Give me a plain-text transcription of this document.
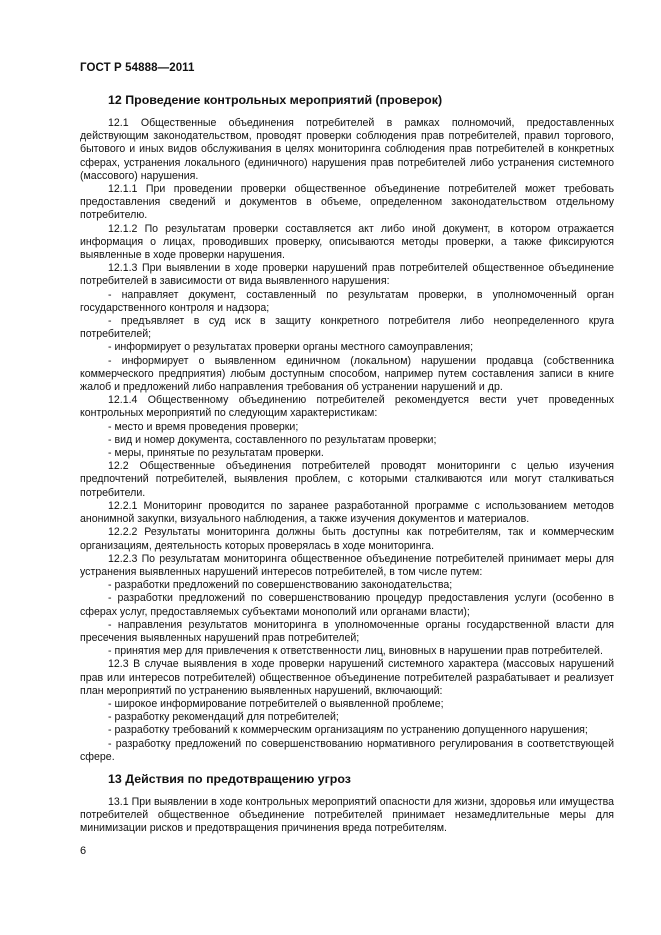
ГОСТ Р 54888—2011
12 Проведение контрольных мероприятий (проверок)
12.1 Общественные объединения потребителей в рамках полномочий, предоставленных действующим законодательством, проводят проверки соблюдения прав потребителей, правил торгового, бытового и иных видов обслуживания в целях мониторинга соблюдения прав потребителей в конкретных сферах, устранения локального (единичного) нарушения прав потребителей либо устранения системного (массового) нарушения.
12.1.1 При проведении проверки общественное объединение потребителей может требовать предоставления сведений и документов в объеме, определенном законодательством отдельному потребителю.
12.1.2 По результатам проверки составляется акт либо иной документ, в котором отражается информация о лицах, проводивших проверку, описываются методы проверки, а также фиксируются выявленные в ходе проверки нарушения.
12.1.3 При выявлении в ходе проверки нарушений прав потребителей общественное объединение потребителей в зависимости от вида выявленного нарушения:
- направляет документ, составленный по результатам проверки, в уполномоченный орган государственного контроля и надзора;
- предъявляет в суд иск в защиту конкретного потребителя либо неопределенного круга потребителей;
- информирует о результатах проверки органы местного самоуправления;
- информирует о выявленном единичном (локальном) нарушении продавца (собственника коммерческого предприятия) любым доступным способом, например путем составления записи в книге жалоб и предложений либо направления требования об устранении нарушений и др.
12.1.4 Общественному объединению потребителей рекомендуется вести учет проведенных контрольных мероприятий по следующим характеристикам:
- место и время проведения проверки;
- вид и номер документа, составленного по результатам проверки;
- меры, принятые по результатам проверки.
12.2 Общественные объединения потребителей проводят мониторинги с целью изучения предпочтений потребителей, выявления проблем, с которыми сталкиваются или могут сталкиваться потребители.
12.2.1 Мониторинг проводится по заранее разработанной программе с использованием методов анонимной закупки, визуального наблюдения, а также изучения документов и материалов.
12.2.2 Результаты мониторинга должны быть доступны как потребителям, так и коммерческим организациям, деятельность которых проверялась в ходе мониторинга.
12.2.3 По результатам мониторинга общественное объединение потребителей принимает меры для устранения выявленных нарушений интересов потребителей, в том числе путем:
- разработки предложений по совершенствованию законодательства;
- разработки предложений по совершенствованию процедур предоставления услуги (особенно в сферах услуг, предоставляемых субъектами монополий или органами власти);
- направления результатов мониторинга в уполномоченные органы государственной власти для пресечения выявленных нарушений прав потребителей;
- принятия мер для привлечения к ответственности лиц, виновных в нарушении прав потребителей.
12.3 В случае выявления в ходе проверки нарушений системного характера (массовых нарушений прав или интересов потребителей) общественное объединение потребителей разрабатывает и реализует план мероприятий по устранению выявленных нарушений, включающий:
- широкое информирование потребителей о выявленной проблеме;
- разработку рекомендаций для потребителей;
- разработку требований к коммерческим организациям по устранению допущенного нарушения;
- разработку предложений по совершенствованию нормативного регулирования в соответствующей сфере.
13 Действия по предотвращению угроз
13.1 При выявлении в ходе контрольных мероприятий опасности для жизни, здоровья или имущества потребителей общественное объединение потребителей принимает незамедлительные меры для минимизации рисков и предотвращения причинения вреда потребителям.
6
